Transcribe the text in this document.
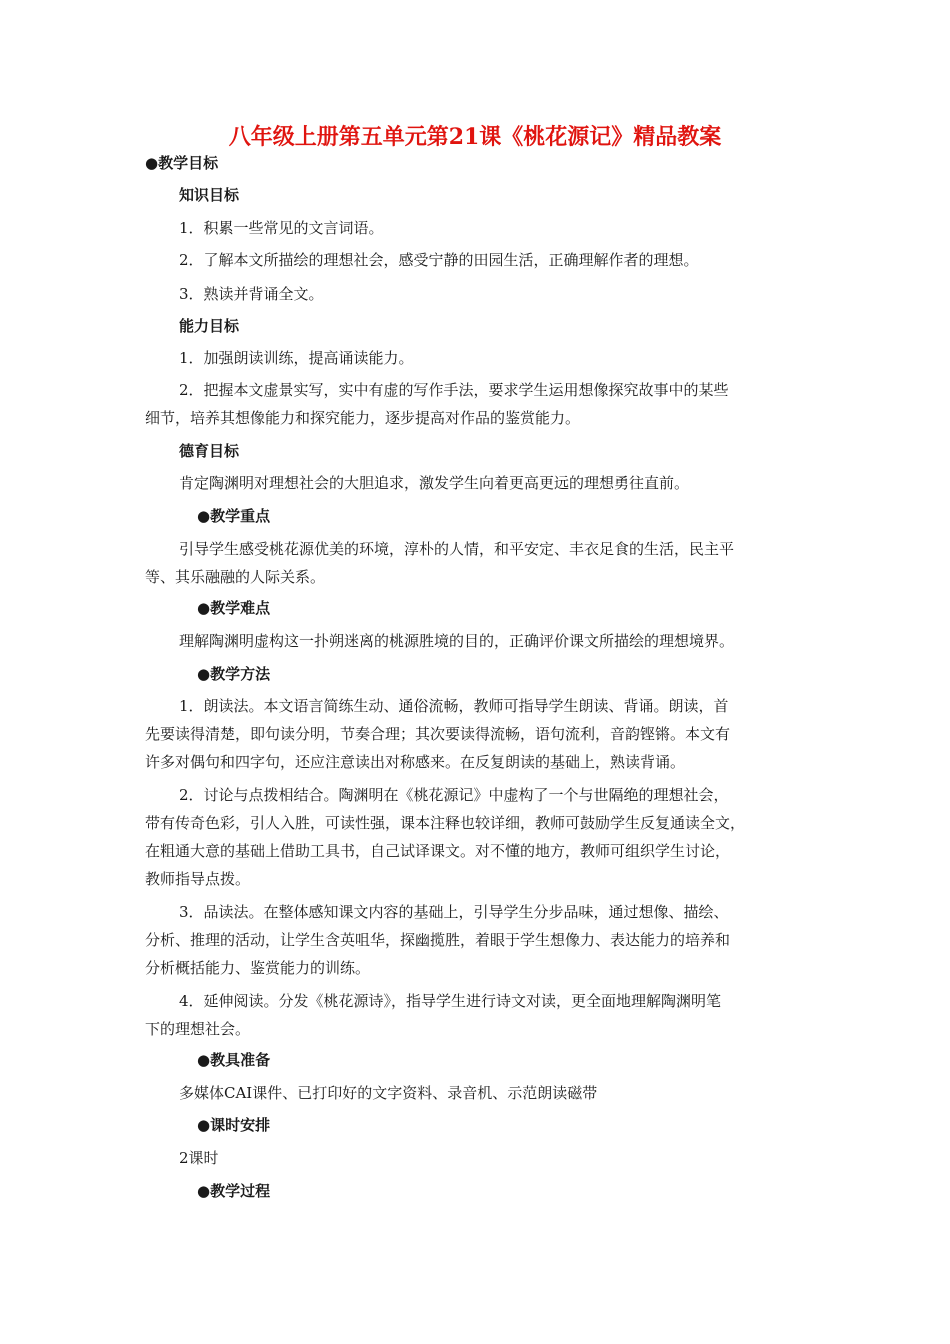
八年级上册第五单元第21课《桃花源记》精品教案
●教学目标
知识目标
1．积累一些常见的文言词语。
2．了解本文所描绘的理想社会，感受宁静的田园生活，正确理解作者的理想。
3．熟读并背诵全文。
能力目标
1．加强朗读训练，提高诵读能力。
2．把握本文虚景实写，实中有虚的写作手法，要求学生运用想像探究故事中的某些
细节，培养其想像能力和探究能力，逐步提高对作品的鉴赏能力。
德育目标
肯定陶渊明对理想社会的大胆追求，激发学生向着更高更远的理想勇往直前。
●教学重点
引导学生感受桃花源优美的环境，淳朴的人情，和平安定、丰衣足食的生活，民主平
等、其乐融融的人际关系。
●教学难点
理解陶渊明虚构这一扑朔迷离的桃源胜境的目的，正确评价课文所描绘的理想境界。
●教学方法
1．朗读法。本文语言简练生动、通俗流畅，教师可指导学生朗读、背诵。朗读，首
先要读得清楚，即句读分明，节奏合理；其次要读得流畅，语句流利，音韵铿锵。本文有
许多对偶句和四字句，还应注意读出对称感来。在反复朗读的基础上，熟读背诵。
2．讨论与点拨相结合。陶渊明在《桃花源记》中虚构了一个与世隔绝的理想社会，
带有传奇色彩，引人入胜，可读性强，课本注释也较详细，教师可鼓励学生反复通读全文，
在粗通大意的基础上借助工具书，自己试译课文。对不懂的地方，教师可组织学生讨论，
教师指导点拨。
3．品读法。在整体感知课文内容的基础上，引导学生分步品味，通过想像、描绘、
分析、推理的活动，让学生含英咀华，探幽揽胜，着眼于学生想像力、表达能力的培养和
分析概括能力、鉴赏能力的训练。
4．延伸阅读。分发《桃花源诗》，指导学生进行诗文对读，更全面地理解陶渊明笔
下的理想社会。
●教具准备
多媒体CAI课件、已打印好的文字资料、录音机、示范朗读磁带
●课时安排
2课时
●教学过程
